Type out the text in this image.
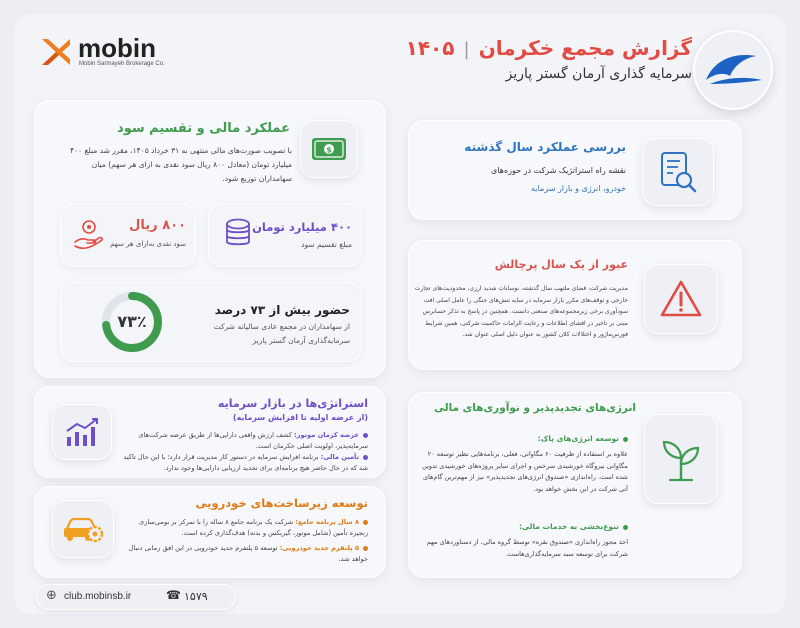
mobin
Mobin Sarmayeh Brokerage Co.
گزارش مجمع خکرمان | ۱۴۰۵
سرمایه گذاری آرمان گستر پاریز
عملکرد مالی و تقسیم سود
با تصویب صورت‌های مالی منتهی به ۳۱ خرداد ۱۴۰۵، مقرر شد مبلغ ۴۰۰ میلیارد تومان (معادل ۸۰۰ ریال سود نقدی به ازای هر سهم) میان سهامداران توزیع شود.
$
۴۰۰ میلیارد تومان
مبلغ تقسیم سود
۸۰۰ ریال
سود نقدی به‌ازای هر سهم
حضور بیش از ۷۳ درصد
از سهامداران در مجمع عادی سالیانه شرکت سرمایه‌گذاری آرمان گستر پاریز
۷۳٪
استراتژی‌ها در بازار سرمایه
(از عرضه اولیه تا افزایش سرمایه)
عرضه کرمان موتور: کشف ارزش واقعی دارایی‌ها از طریق عرضه شرکت‌های سرمایه‌پذیر، اولویت اصلی خکرمان است.
تأمین مالی: برنامه افزایش سرمایه در دستور کار مدیریت قرار دارد؛ با این حال تاکید شد که در حال حاضر هیچ برنامه‌ای برای تجدید ارزیابی دارایی‌ها وجود ندارد.
توسعه زیرساخت‌های خودرویی
۸ سال برنامه جامع: شرکت یک برنامه جامع ۸ ساله را با تمرکز بر بومی‌سازی زنجیره تأمین (شامل موتور، گیربکس و بدنه) هدف‌گذاری کرده است.
۵ پلتفرم جدید خودرویی: توسعه ۵ پلتفرم جدید خودرویی در این افق زمانی دنبال خواهد شد.
بررسی عملکرد سال گذشته
نقشه راه استراتژیک شرکت در حوزه‌های
خودرو، انرژی و بازار سرمایه
عبور از یک سال پرچالش
مدیریت شرکت، فضای ملتهب سال گذشته، نوسانات شدید ارزی، محدودیت‌های تجارت خارجی و توقف‌های مکرر بازار سرمایه در سایه تنش‌های جنگی را عامل اصلی افت سودآوری برخی زیرمجموعه‌های صنعتی دانست. همچنین در پاسخ به تذکر حسابرس مبنی بر تاخیر در افشای اطلاعات و رعایت الزامات حاکمیت شرکتی، همین شرایط فورس‌ماژور و اختلالات کلان کشور به عنوان دلیل اصلی عنوان شد.
انرژی‌های تجدیدپذیر و نوآوری‌های مالی
توسعه انرژی‌های پاک:
علاوه بر استفاده از ظرفیت ۶۰ مگاواتی، فعلی، برنامه‌هایی نظیر توسعه ۲۰ مگاواتی نیروگاه خورشیدی سرخس و اجرای سایر پروژه‌های خورشیدی تدوین شده است. راه‌اندازی «صندوق انرژی‌های تجدیدپذیر» نیز از مهم‌ترین گام‌های آتی شرکت در این بخش خواهد بود.
تنوع‌بخشی به خدمات مالی:
اخذ مجوز راه‌اندازی «صندوق نقره» توسط گروه مالی، از دستاوردهای مهم شرکت برای توسعه سبد سرمایه‌گذاری‌هاست.
⊕ club.mobinsb.ir	☎ ۱۵۷۹
